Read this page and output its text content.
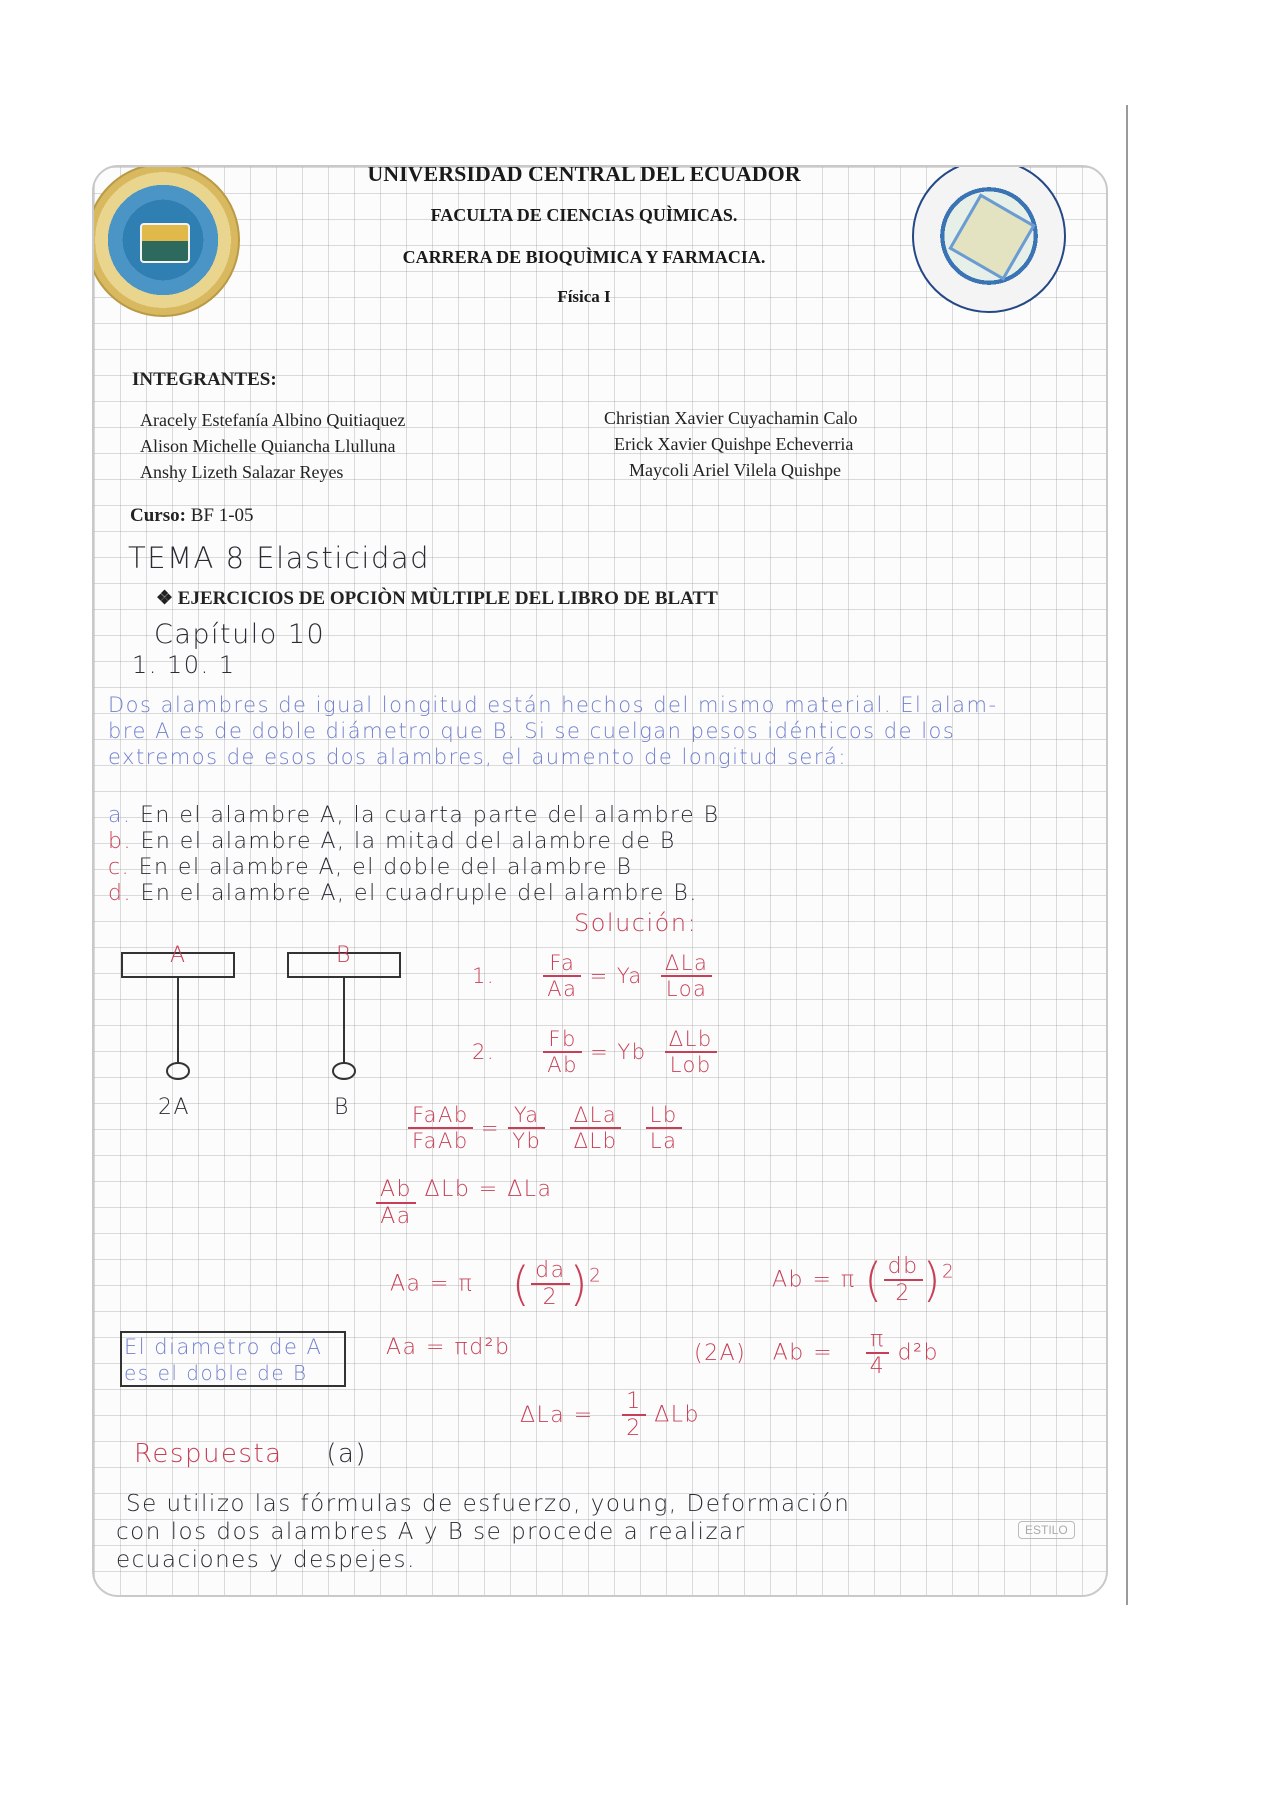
UNIVERSIDAD CENTRAL DEL ECUADOR
FACULTA DE CIENCIAS QUÌMICAS.
CARRERA DE BIOQUÌMICA Y FARMACIA.
Física I
INTEGRANTES:
Aracely Estefanía Albino Quitiaquez
Alison Michelle Quiancha Llulluna
Anshy Lizeth Salazar Reyes
Christian Xavier Cuyachamin Calo
Erick Xavier Quishpe Echeverria
Maycoli Ariel Vilela Quishpe
Curso: BF 1-05
TEMA 8 Elasticidad
❖ EJERCICIOS DE OPCIÒN MÙLTIPLE DEL LIBRO DE BLATT
Capítulo 10
1. 10. 1
Dos alambres de igual longitud están hechos del mismo material. El alam-
bre A es de doble diámetro que B. Si se cuelgan pesos idénticos de los
extremos de esos dos alambres, el aumento de longitud será:
a. En el alambre A, la cuarta parte del alambre B
b. En el alambre A, la mitad del alambre de B
c. En el alambre A, el doble del alambre B
d. En el alambre A, el cuadruple del alambre B.
Solución:
A	B
2A	B
1. $\frac{Fa}{Aa} = Ya \frac{\text{ΔLa}}{\text{Loa}}$
2. $\frac{Fb}{Ab} = Yb \frac{\text{ΔLb}}{\text{Lob}}$
$\frac{\text{FaAb}}{\text{FaAb}} = \frac{Ya}{Yb}$
$\frac{\text{ΔLa}}{\text{ΔLb}}$
$\frac{Lb}{La}$
$\frac{Ab}{Aa}$ ΔLb = ΔLa
Aa = π ( $\frac{da}{2} )^2$	Ab = π ( $\frac{db}{2} )^2$
El diametro de A
es el doble de B
Aa = πd²b	(2A) $Ab = \frac{\pi}{4} d^2b$
$\Delta La = \frac{1}{2}$ ΔLb
Respuesta (a)
Se utilizo las fórmulas de esfuerzo, young, Deformación
con los dos alambres A y B se procede a realizar
ecuaciones y despejes.
ESTILO
